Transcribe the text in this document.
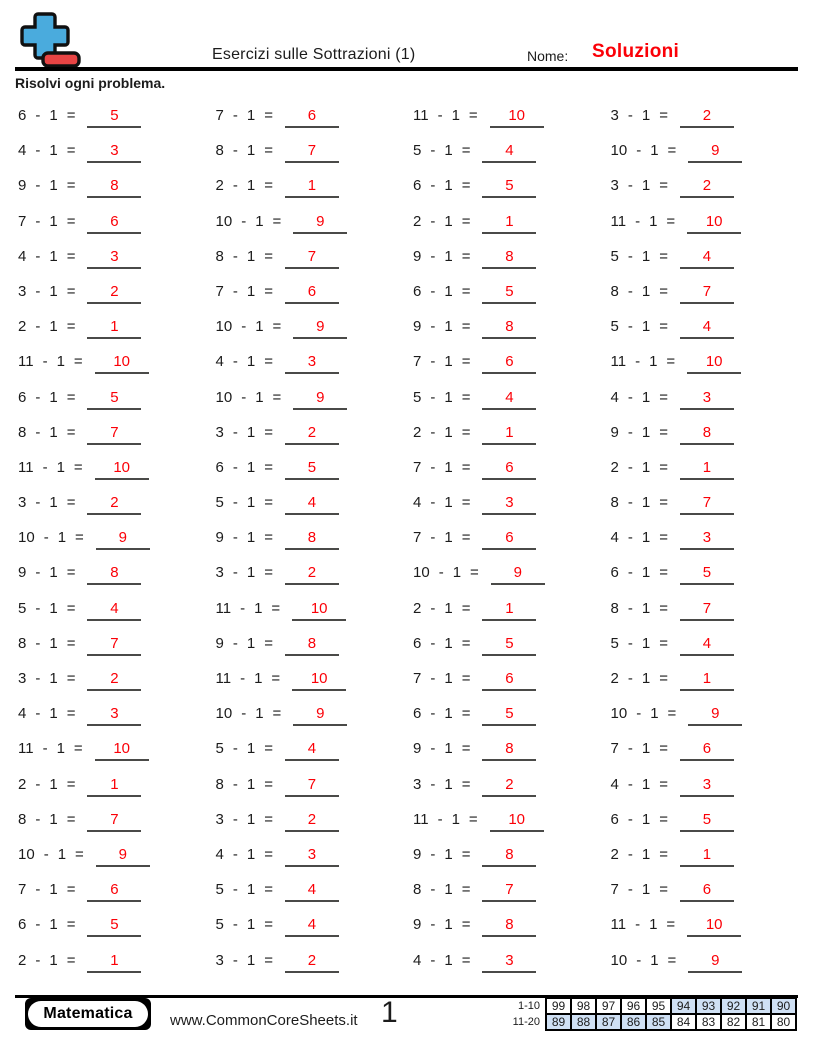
Esercizi sulle Sottrazioni (1)	Nome: Soluzioni
Risolvi ogni problema.
6 - 1 =	5
4 - 1 =	3
9 - 1 =	8
7 - 1 =	6
4 - 1 =	3
3 - 1 =	2
2 - 1 =	1
11 - 1 =	10
6 - 1 =	5
8 - 1 =	7
11 - 1 =	10
3 - 1 =	2
10 - 1 =	9
9 - 1 =	8
5 - 1 =	4
8 - 1 =	7
3 - 1 =	2
4 - 1 =	3
11 - 1 =	10
2 - 1 =	1
8 - 1 =	7
10 - 1 =	9
7 - 1 =	6
6 - 1 =	5
2 - 1 =	1
7 - 1 =	6
8 - 1 =	7
2 - 1 =	1
10 - 1 =	9
8 - 1 =	7
7 - 1 =	6
10 - 1 =	9
4 - 1 =	3
10 - 1 =	9
3 - 1 =	2
6 - 1 =	5
5 - 1 =	4
9 - 1 =	8
3 - 1 =	2
11 - 1 =	10
9 - 1 =	8
11 - 1 =	10
10 - 1 =	9
5 - 1 =	4
8 - 1 =	7
3 - 1 =	2
4 - 1 =	3
5 - 1 =	4
5 - 1 =	4
3 - 1 =	2
11 - 1 =	10
5 - 1 =	4
6 - 1 =	5
2 - 1 =	1
9 - 1 =	8
6 - 1 =	5
9 - 1 =	8
7 - 1 =	6
5 - 1 =	4
2 - 1 =	1
7 - 1 =	6
4 - 1 =	3
7 - 1 =	6
10 - 1 =	9
2 - 1 =	1
6 - 1 =	5
7 - 1 =	6
6 - 1 =	5
9 - 1 =	8
3 - 1 =	2
11 - 1 =	10
9 - 1 =	8
8 - 1 =	7
9 - 1 =	8
4 - 1 =	3
3 - 1 =	2
10 - 1 =	9
3 - 1 =	2
11 - 1 =	10
5 - 1 =	4
8 - 1 =	7
5 - 1 =	4
11 - 1 =	10
4 - 1 =	3
9 - 1 =	8
2 - 1 =	1
8 - 1 =	7
4 - 1 =	3
6 - 1 =	5
8 - 1 =	7
5 - 1 =	4
2 - 1 =	1
10 - 1 =	9
7 - 1 =	6
4 - 1 =	3
6 - 1 =	5
2 - 1 =	1
7 - 1 =	6
11 - 1 =	10
10 - 1 =	9
Matematica	www.CommonCoreSheets.it 1	1-10	99	98	97	96	95	94	93	92	91	90
11-20	89	88	87	86	85	84	83	82	81	80
